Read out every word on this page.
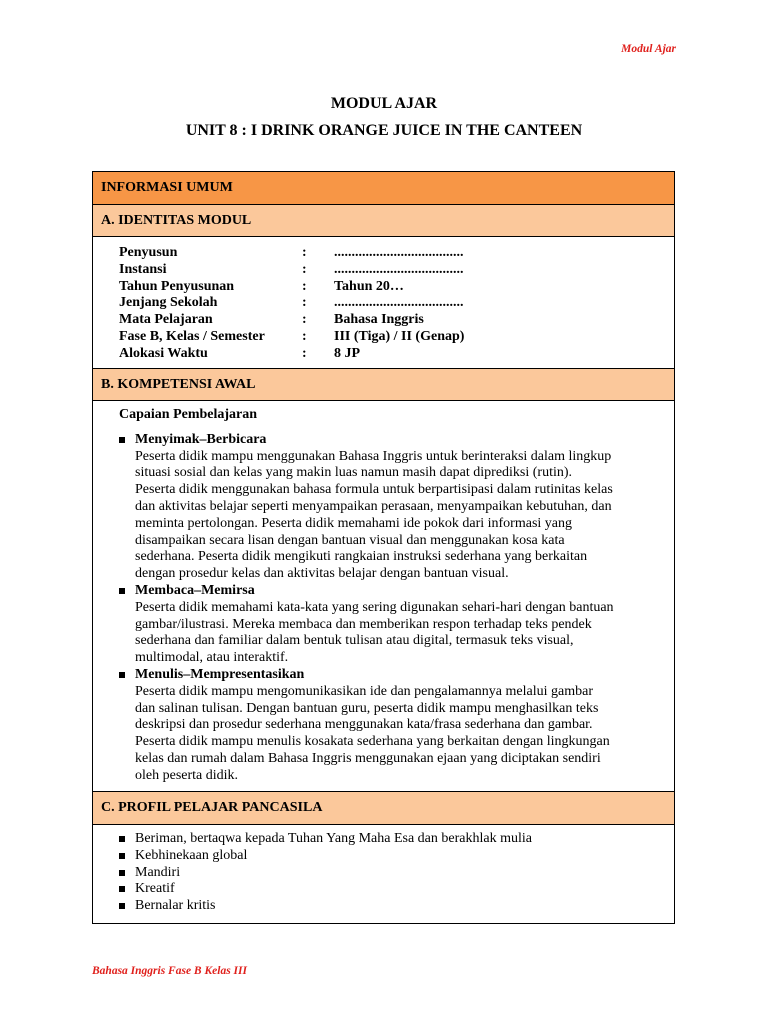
Modul Ajar
MODUL AJAR
UNIT 8 : I DRINK ORANGE JUICE IN THE CANTEEN
INFORMASI UMUM
A. IDENTITAS MODUL
Penyusun	:	.....................................
Instansi	:	.....................................
Tahun Penyusunan	:	Tahun 20…
Jenjang Sekolah	:	.....................................
Mata Pelajaran	:	Bahasa Inggris
Fase B, Kelas / Semester	:	III (Tiga) / II (Genap)
Alokasi Waktu	:	8 JP
B. KOMPETENSI AWAL
Capaian Pembelajaran
Menyimak–Berbicara
Peserta didik mampu menggunakan Bahasa Inggris untuk berinteraksi dalam lingkup
situasi sosial dan kelas yang makin luas namun masih dapat diprediksi (rutin).
Peserta didik menggunakan bahasa formula untuk berpartisipasi dalam rutinitas kelas
dan aktivitas belajar seperti menyampaikan perasaan, menyampaikan kebutuhan, dan
meminta pertolongan. Peserta didik memahami ide pokok dari informasi yang
disampaikan secara lisan dengan bantuan visual dan menggunakan kosa kata
sederhana. Peserta didik mengikuti rangkaian instruksi sederhana yang berkaitan
dengan prosedur kelas dan aktivitas belajar dengan bantuan visual.
Membaca–Memirsa
Peserta didik memahami kata-kata yang sering digunakan sehari-hari dengan bantuan
gambar/ilustrasi. Mereka membaca dan memberikan respon terhadap teks pendek
sederhana dan familiar dalam bentuk tulisan atau digital, termasuk teks visual,
multimodal, atau interaktif.
Menulis–Mempresentasikan
Peserta didik mampu mengomunikasikan ide dan pengalamannya melalui gambar
dan salinan tulisan. Dengan bantuan guru, peserta didik mampu menghasilkan teks
deskripsi dan prosedur sederhana menggunakan kata/frasa sederhana dan gambar.
Peserta didik mampu menulis kosakata sederhana yang berkaitan dengan lingkungan
kelas dan rumah dalam Bahasa Inggris menggunakan ejaan yang diciptakan sendiri
oleh peserta didik.
C. PROFIL PELAJAR PANCASILA
Beriman, bertaqwa kepada Tuhan Yang Maha Esa dan berakhlak mulia
Kebhinekaan global
Mandiri
Kreatif
Bernalar kritis
Bahasa Inggris Fase B Kelas III
